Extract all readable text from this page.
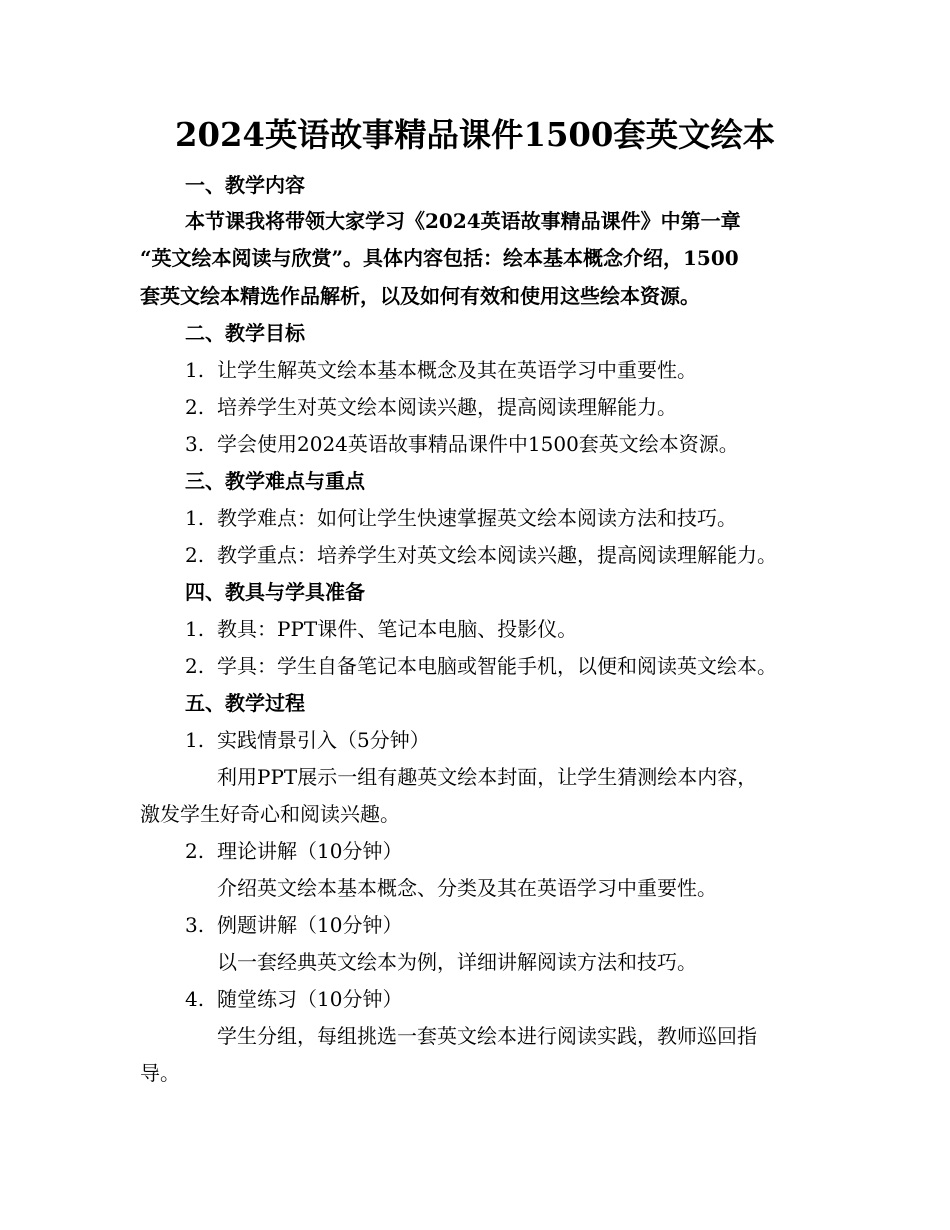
2024英语故事精品课件1500套英文绘本
一、教学内容
本节课我将带领大家学习《2024英语故事精品课件》中第一章
“英文绘本阅读与欣赏”。具体内容包括：绘本基本概念介绍，1500
套英文绘本精选作品解析，以及如何有效和使用这些绘本资源。
二、教学目标
1. 让学生解英文绘本基本概念及其在英语学习中重要性。
2. 培养学生对英文绘本阅读兴趣，提高阅读理解能力。
3. 学会使用2024英语故事精品课件中1500套英文绘本资源。
三、教学难点与重点
1. 教学难点：如何让学生快速掌握英文绘本阅读方法和技巧。
2. 教学重点：培养学生对英文绘本阅读兴趣，提高阅读理解能力。
四、教具与学具准备
1. 教具：PPT课件、笔记本电脑、投影仪。
2. 学具：学生自备笔记本电脑或智能手机，以便和阅读英文绘本。
五、教学过程
1. 实践情景引入（5分钟）
利用PPT展示一组有趣英文绘本封面，让学生猜测绘本内容，
激发学生好奇心和阅读兴趣。
2. 理论讲解（10分钟）
介绍英文绘本基本概念、分类及其在英语学习中重要性。
3. 例题讲解（10分钟）
以一套经典英文绘本为例，详细讲解阅读方法和技巧。
4. 随堂练习（10分钟）
学生分组，每组挑选一套英文绘本进行阅读实践，教师巡回指
导。
